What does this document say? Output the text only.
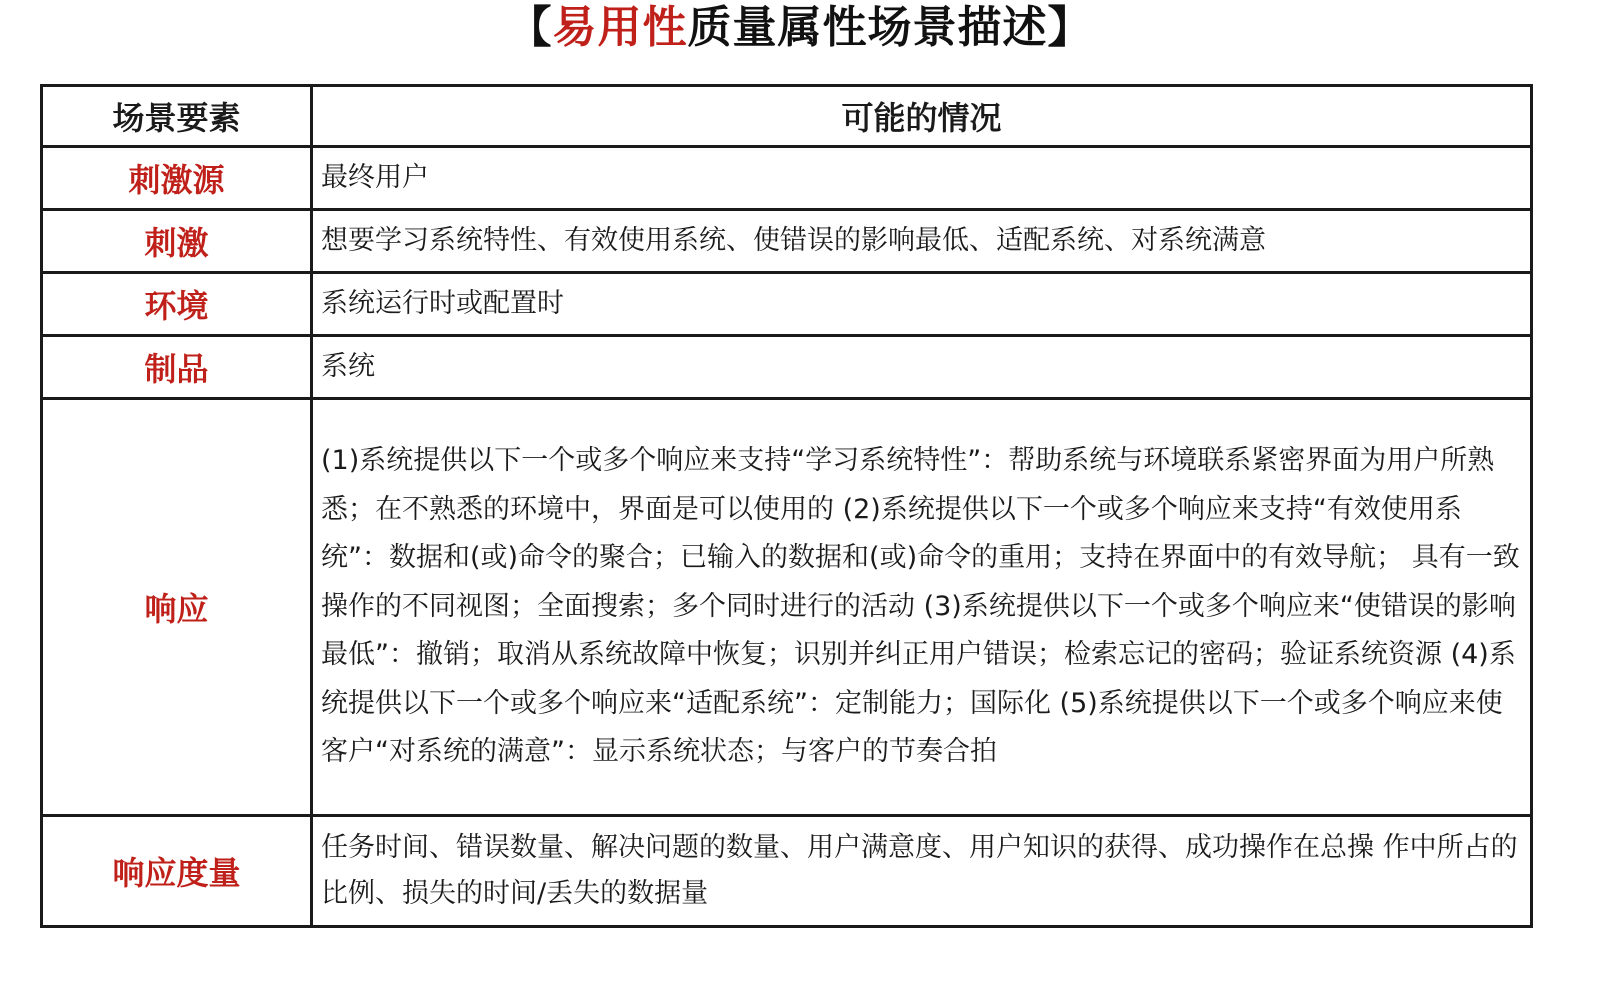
【易用性质量属性场景描述】
场景要素	可能的情况
刺激源	最终用户
刺激	想要学习系统特性、有效使用系统、使错误的影响最低、适配系统、对系统满意
环境	系统运行时或配置时
制品	系统
响应	(1)系统提供以下一个或多个响应来支持“学习系统特性”：帮助系统与环境联系紧密界面为用户所熟悉；在不熟悉的环境中，界面是可以使用的 (2)系统提供以下一个或多个响应来支持“有效使用系统”：数据和(或)命令的聚合；已输入的数据和(或)命令的重用；支持在界面中的有效导航； 具有一致操作的不同视图；全面搜索；多个同时进行的活动 (3)系统提供以下一个或多个响应来“使错误的影响最低”：撤销；取消从系统故障中恢复；识别并纠正用户错误；检索忘记的密码；验证系统资源 (4)系统提供以下一个或多个响应来“适配系统”：定制能力；国际化 (5)系统提供以下一个或多个响应来使客户“对系统的满意”：显示系统状态；与客户的节奏合拍
响应度量	任务时间、错误数量、解决问题的数量、用户满意度、用户知识的获得、成功操作在总操 作中所占的比例、损失的时间/丢失的数据量
